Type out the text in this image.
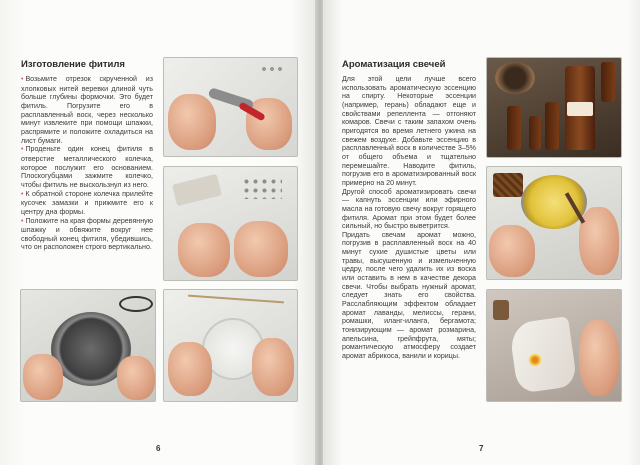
Изготовление фитиля
• Возьмите отрезок скрученной из хлопковых нитей веревки длиной чуть больше глубины формочки. Это будет фитиль. Погрузите его в расплавленный воск, через несколько минут извлеките при помощи шпажки, распрямите и положите охладиться на лист бумаги.
• Проденьте один конец фитиля в отверстие металлического колечка, которое послужит его основанием. Плоскогубцами зажмите колечко, чтобы фитиль не выскользнул из него.
• К обратной стороне колечка прилейте кусочек замазки и прижмите его к центру дна формы.
• Положите на края формы деревянную шпажку и обвяжите вокруг нее свободный конец фитиля, убедившись, что он расположен строго вертикально.
6
Ароматизация свечей
Для этой цели лучше всего использовать ароматическую эссенцию на спирту. Некоторые эссенции (например, герань) обладают еще и свойствами репеллента — отгоняют комаров. Свечи с таким запахом очень пригодятся во время летнего ужина на свежем воздухе. Добавьте эссенцию в расплавленный воск в количестве 3–5% от общего объема и тщательно перемешайте. Наводите фитиль, погрузив его в ароматизированный воск примерно на 20 минут.
Другой способ ароматизировать свечи — капнуть эссенции или эфирного масла на готовую свечу вокруг горящего фитиля. Аромат при этом будет более сильный, но быстро выветрится.
Придать свечам аромат можно, погрузив в расплавленный воск на 40 минут сухие душистые цветы или травы, высушенную и измельченную цедру, после чего удалить их из воска или оставить в нем в качестве декора свечи. Чтобы выбрать нужный аромат, следует знать его свойства. Расслабляющим эффектом обладает аромат лаванды, мелиссы, герани, ромашки, иланг-иланга, бергамота; тонизирующим — аромат розмарина, апельсина, грейпфрута, мяты; романтическую атмосферу создает аромат абрикоса, ванили и корицы.
7
